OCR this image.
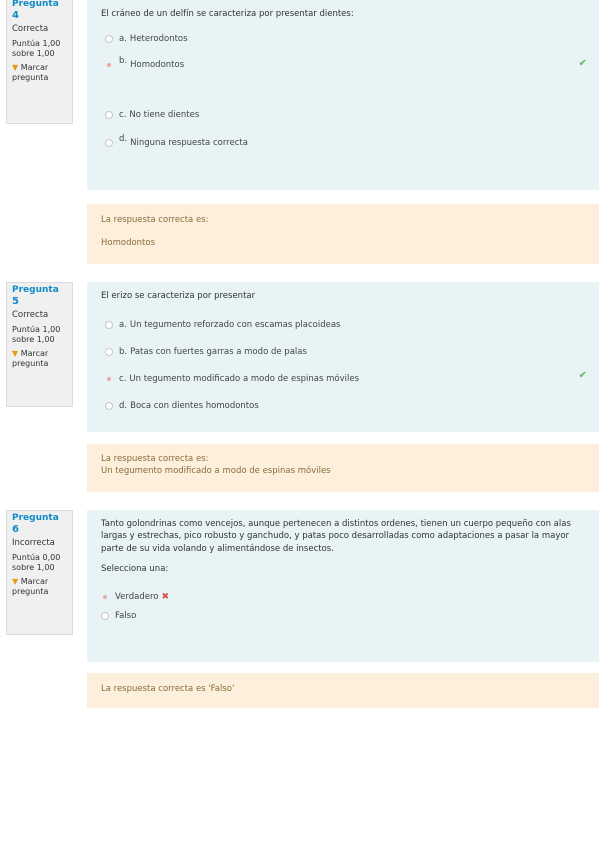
Pregunta
4
Correcta
Puntúa 1,00 sobre 1,00
▼ Marcar pregunta
El cráneo de un delfín se caracteriza por presentar dientes:
a. Heterodontos
b. Homodontos	✔
c. No tiene dientes
d. Ninguna respuesta correcta
La respuesta correcta es:
Homodontos
Pregunta
5
Correcta
Puntúa 1,00 sobre 1,00
▼ Marcar pregunta
El erizo se caracteriza por presentar
a. Un tegumento reforzado con escamas placoideas
b. Patas con fuertes garras a modo de palas
c. Un tegumento modificado a modo de espinas móviles	✔
d. Boca con dientes homodontos
La respuesta correcta es:
Un tegumento modificado a modo de espinas móviles
Pregunta
6
Incorrecta
Puntúa 0,00 sobre 1,00
▼ Marcar pregunta
Tanto golondrinas como vencejos, aunque pertenecen a distintos ordenes, tienen un cuerpo pequeño con alas largas y estrechas, pico robusto y ganchudo, y patas poco desarrolladas como adaptaciones a pasar la mayor parte de su vida volando y alimentándose de insectos.
Selecciona una:
Verdadero ✖
Falso
La respuesta correcta es 'Falso'
